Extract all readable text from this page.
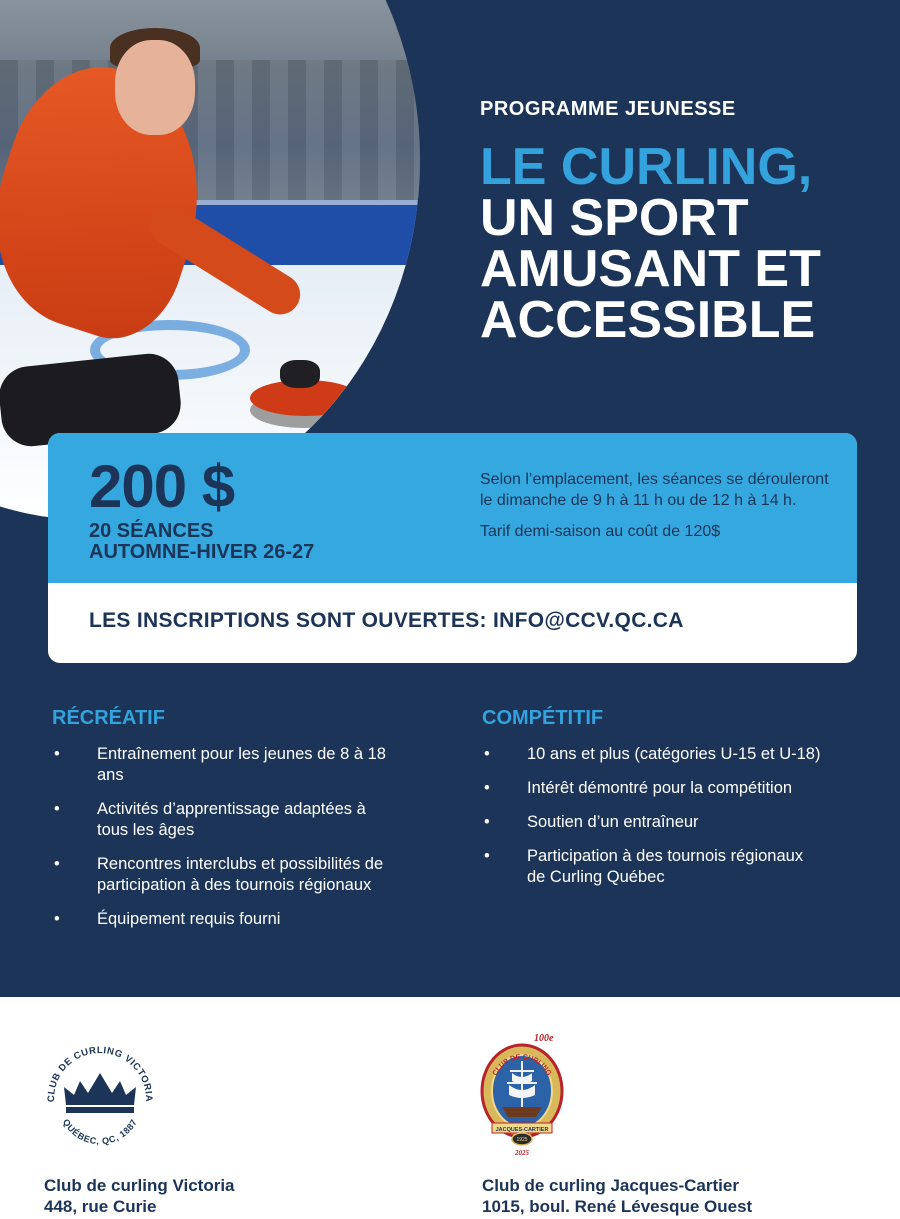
PROGRAMME JEUNESSE
LE CURLING,
UN SPORT
AMUSANT ET
ACCESSIBLE
200 $
20 SÉANCES
AUTOMNE-HIVER 26-27

Selon l’emplacement, les séances se dérouleront le dimanche de 9 h à 11 h ou de 12 h à 14 h.

Tarif demi-saison au coût de 120$

LES INSCRIPTIONS SONT OUVERTES: INFO@CCV.QC.CA
RÉCRÉATIF
• Entraînement pour les jeunes de 8 à 18 ans
• Activités d’apprentissage adaptées à tous les âges
• Rencontres interclubs et possibilités de participation à des tournois régionaux
• Équipement requis fourni
COMPÉTITIF
• 10 ans et plus (catégories U-15 et U-18)
• Intérêt démontré pour la compétition
• Soutien d’un entraîneur
• Participation à des tournois régionaux de Curling Québec
CLUB DE CURLING VICTORIA
QUÉBEC, QC, 1887
100e
CLUB DE CURLING
JACQUES-CARTIER
1925
2025
Club de curling Victoria
448, rue Curie
Club de curling Jacques-Cartier
1015, boul. René Lévesque Ouest
